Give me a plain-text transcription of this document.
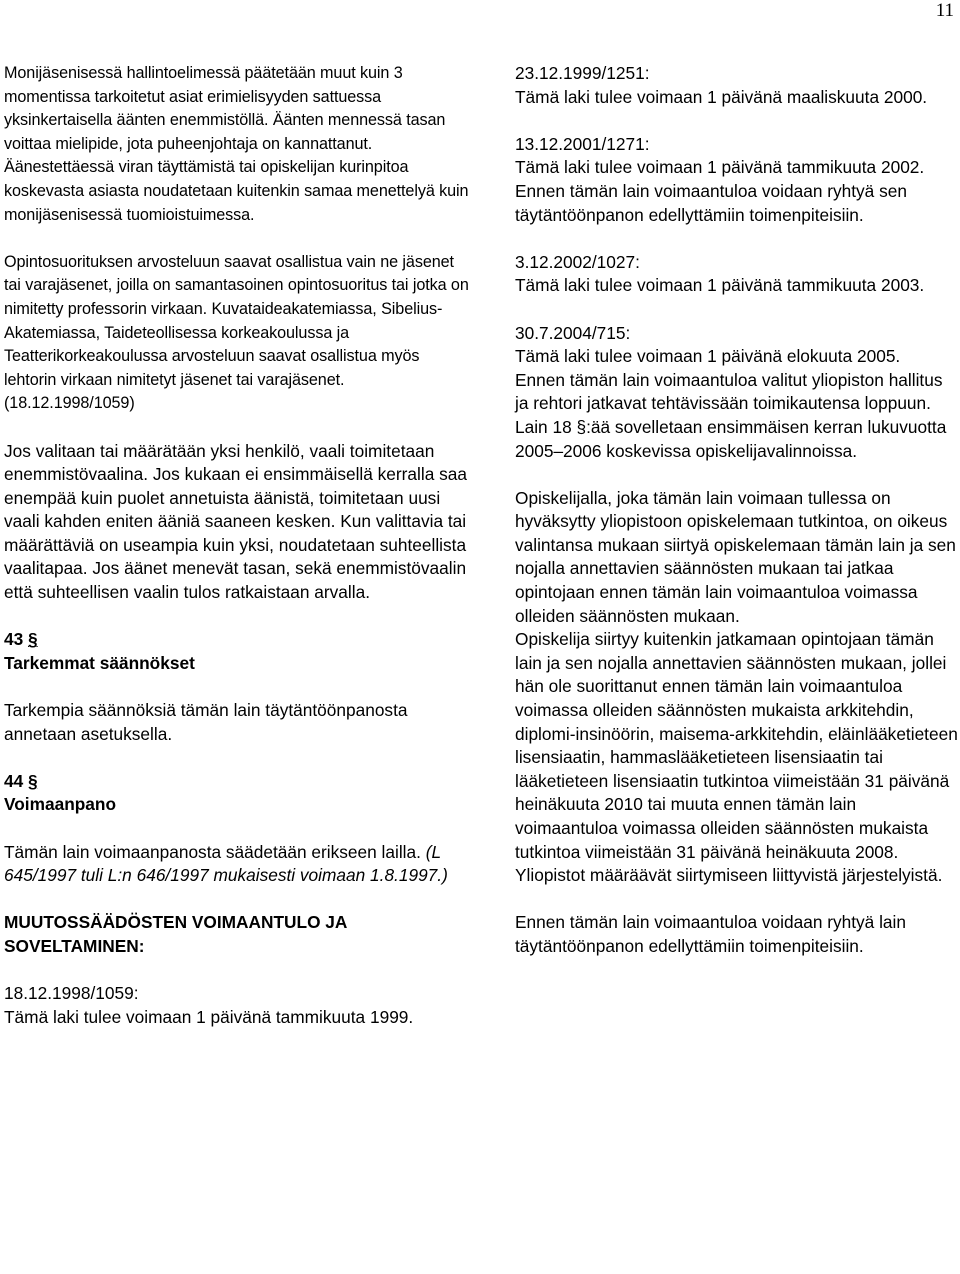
11

Monijäsenisessä hallintoelimessä päätetään muut kuin 3 momentissa tarkoitetut asiat erimielisyyden sattuessa yksinkertaisella äänten enemmistöllä. Äänten mennessä tasan voittaa mielipide, jota puheenjohtaja on kannattanut. Äänestettäessä viran täyttämistä tai opiskelijan kurinpitoa koskevasta asiasta noudatetaan kuitenkin samaa menettelyä kuin monijäsenisessä tuomioistuimessa.

Opintosuorituksen arvosteluun saavat osallistua vain ne jäsenet tai varajäsenet, joilla on samantasoinen opintosuoritus tai jotka on nimitetty professorin virkaan. Kuvataideakatemiassa, Sibelius-Akatemiassa, Taideteollisessa korkeakoulussa ja Teatterikorkeakoulussa arvosteluun saavat osallistua myös lehtorin virkaan nimitetyt jäsenet tai varajäsenet. (18.12.1998/1059)

Jos valitaan tai määrätään yksi henkilö, vaali toimitetaan enemmistövaalina. Jos kukaan ei ensimmäisellä kerralla saa enempää kuin puolet annetuista äänistä, toimitetaan uusi vaali kahden eniten ääniä saaneen kesken. Kun valittavia tai määrättäviä on useampia kuin yksi, noudatetaan suhteellista vaalitapaa. Jos äänet menevät tasan, sekä enemmistövaalin että suhteellisen vaalin tulos ratkaistaan arvalla.

43 §
Tarkemmat säännökset

Tarkempia säännöksiä tämän lain täytäntöönpanosta annetaan asetuksella.

44 §
Voimaanpano

Tämän lain voimaanpanosta säädetään erikseen lailla. (L 645/1997 tuli L:n 646/1997 mukaisesti voimaan 1.8.1997.)

MUUTOSSÄÄDÖSTEN VOIMAANTULO JA SOVELTAMINEN:

18.12.1998/1059:
Tämä laki tulee voimaan 1 päivänä tammikuuta 1999.

23.12.1999/1251:
Tämä laki tulee voimaan 1 päivänä maaliskuuta 2000.

13.12.2001/1271:
Tämä laki tulee voimaan 1 päivänä tammikuuta 2002.
Ennen tämän lain voimaantuloa voidaan ryhtyä sen täytäntöönpanon edellyttämiin toimenpiteisiin.

3.12.2002/1027:
Tämä laki tulee voimaan 1 päivänä tammikuuta 2003.

30.7.2004/715:
Tämä laki tulee voimaan 1 päivänä elokuuta 2005.
Ennen tämän lain voimaantuloa valitut yliopiston hallitus ja rehtori jatkavat tehtävissään toimikautensa loppuun.
Lain 18 §:ää sovelletaan ensimmäisen kerran lukuvuotta 2005–2006 koskevissa opiskelijavalinnoissa.

Opiskelijalla, joka tämän lain voimaan tullessa on hyväksytty yliopistoon opiskelemaan tutkintoa, on oikeus valintansa mukaan siirtyä opiskelemaan tämän lain ja sen nojalla annettavien säännösten mukaan tai jatkaa opintojaan ennen tämän lain voimaantuloa voimassa olleiden säännösten mukaan.
Opiskelija siirtyy kuitenkin jatkamaan opintojaan tämän lain ja sen nojalla annettavien säännösten mukaan, jollei hän ole suorittanut ennen tämän lain voimaantuloa voimassa olleiden säännösten mukaista arkkitehdin, diplomi-insinöörin, maisema-arkkitehdin, eläinlääketieteen lisensiaatin, hammaslääketieteen lisensiaatin tai lääketieteen lisensiaatin tutkintoa viimeistään 31 päivänä heinäkuuta 2010 tai muuta ennen tämän lain voimaantuloa voimassa olleiden säännösten mukaista tutkintoa viimeistään 31 päivänä heinäkuuta 2008. Yliopistot määräävät siirtymiseen liittyvistä järjestelyistä.

Ennen tämän lain voimaantuloa voidaan ryhtyä lain täytäntöönpanon edellyttämiin toimenpiteisiin.
